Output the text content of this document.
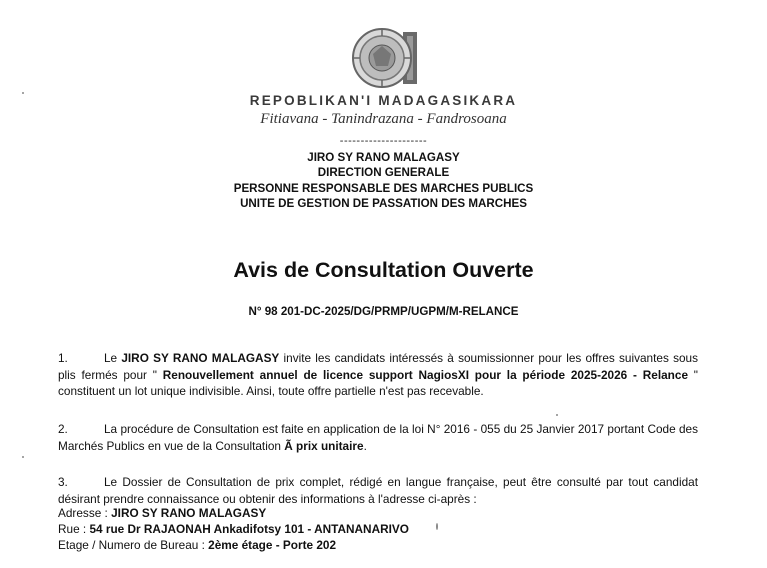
REPOBLIKAN'I MADAGASIKARA
Fitiavana - Tanindrazana - Fandrosoana
---------------------
JIRO SY RANO MALAGASY
DIRECTION GENERALE
PERSONNE RESPONSABLE DES MARCHES PUBLICS
UNITE DE GESTION DE PASSATION DES MARCHES
Avis de Consultation Ouverte
N° 98 201-DC-2025/DG/PRMP/UGPM/M-RELANCE
1.	Le JIRO SY RANO MALAGASY invite les candidats intéressés à soumissionner pour les offres suivantes sous plis fermés pour " Renouvellement annuel de licence support NagiosXI pour la période 2025-2026 - Relance " constituent un lot unique indivisible. Ainsi, toute offre partielle n'est pas recevable.
2.	La procédure de Consultation est faite en application de la loi N° 2016 - 055 du 25 Janvier 2017 portant Code des Marchés Publics en vue de la Consultation Ã prix unitaire.
3.	Le Dossier de Consultation de prix complet, rédigé en langue française, peut être consulté par tout candidat désirant prendre connaissance ou obtenir des informations à l'adresse ci-après :
Adresse : JIRO SY RANO MALAGASY
Rue : 54 rue Dr RAJAONAH Ankadifotsy 101 - ANTANANARIVO
Etage / Numero de Bureau : 2ème étage - Porte 202
